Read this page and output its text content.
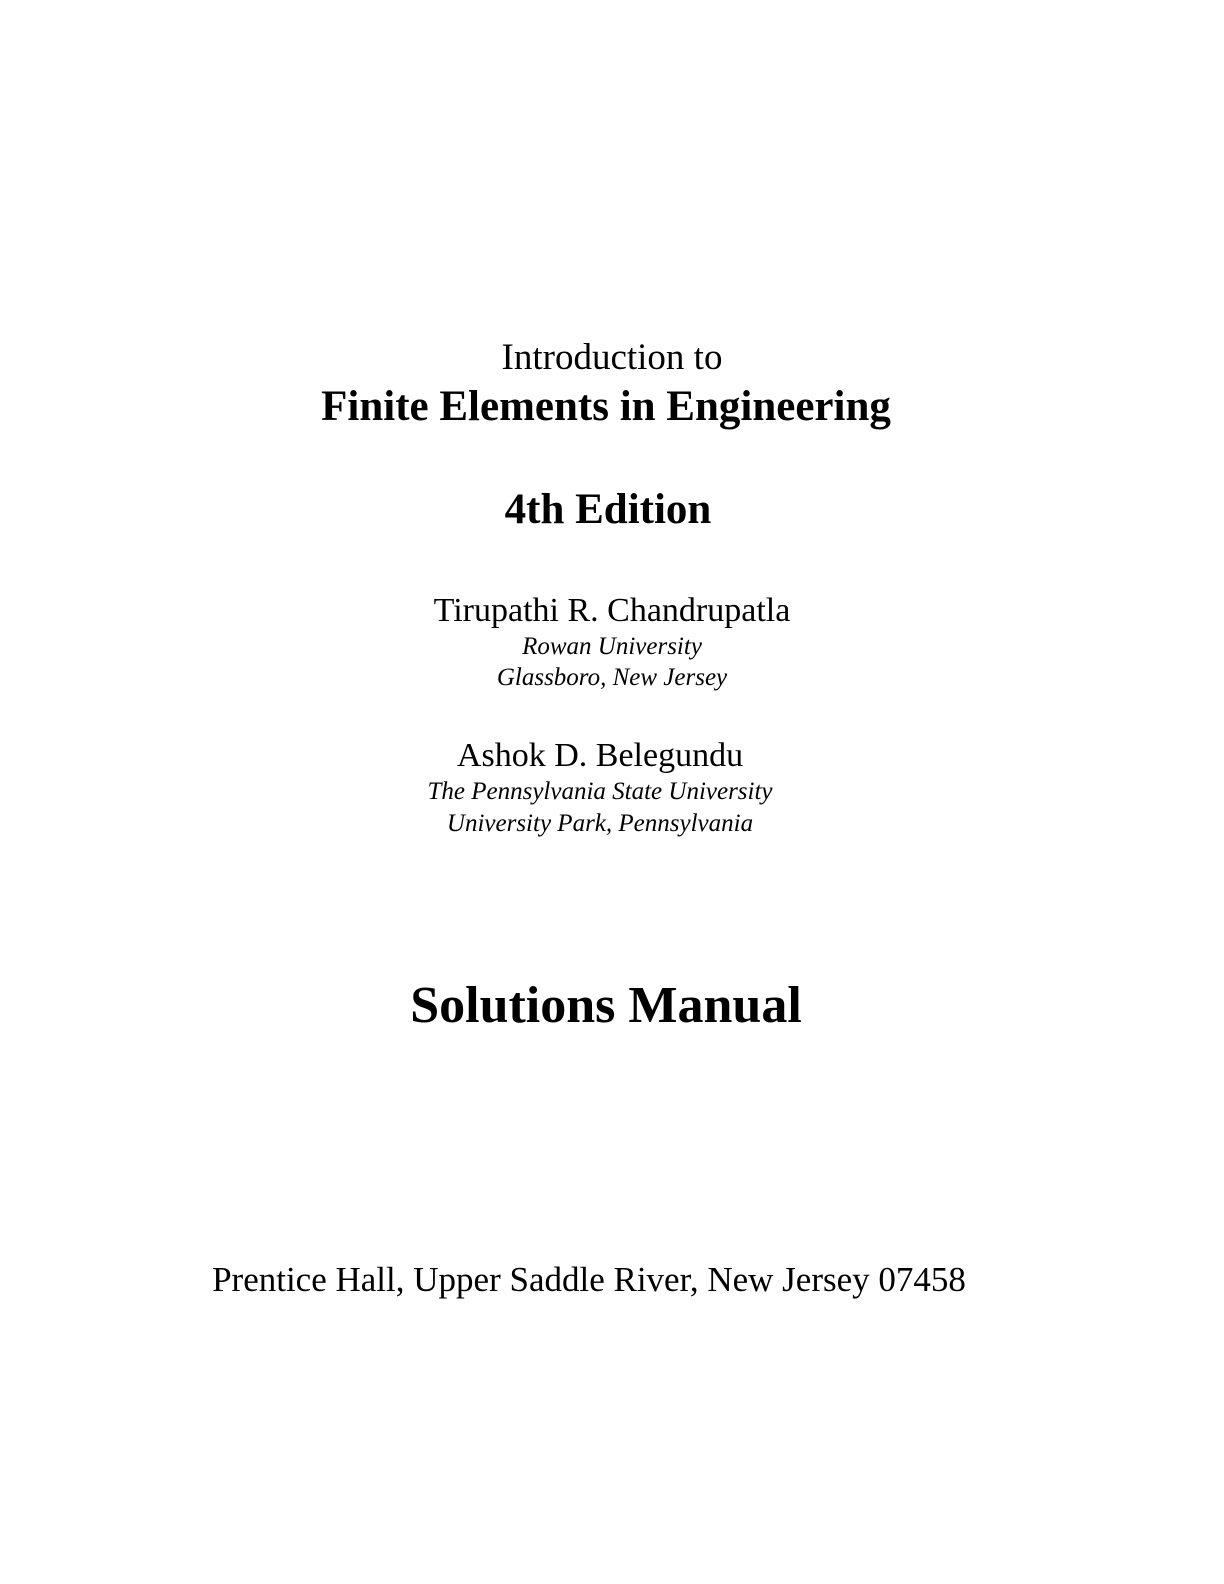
Introduction to
Finite Elements in Engineering
4th Edition
Tirupathi R. Chandrupatla
Rowan University
Glassboro, New Jersey
Ashok D. Belegundu
The Pennsylvania State University
University Park, Pennsylvania
Solutions Manual
Prentice Hall, Upper Saddle River, New Jersey 07458
